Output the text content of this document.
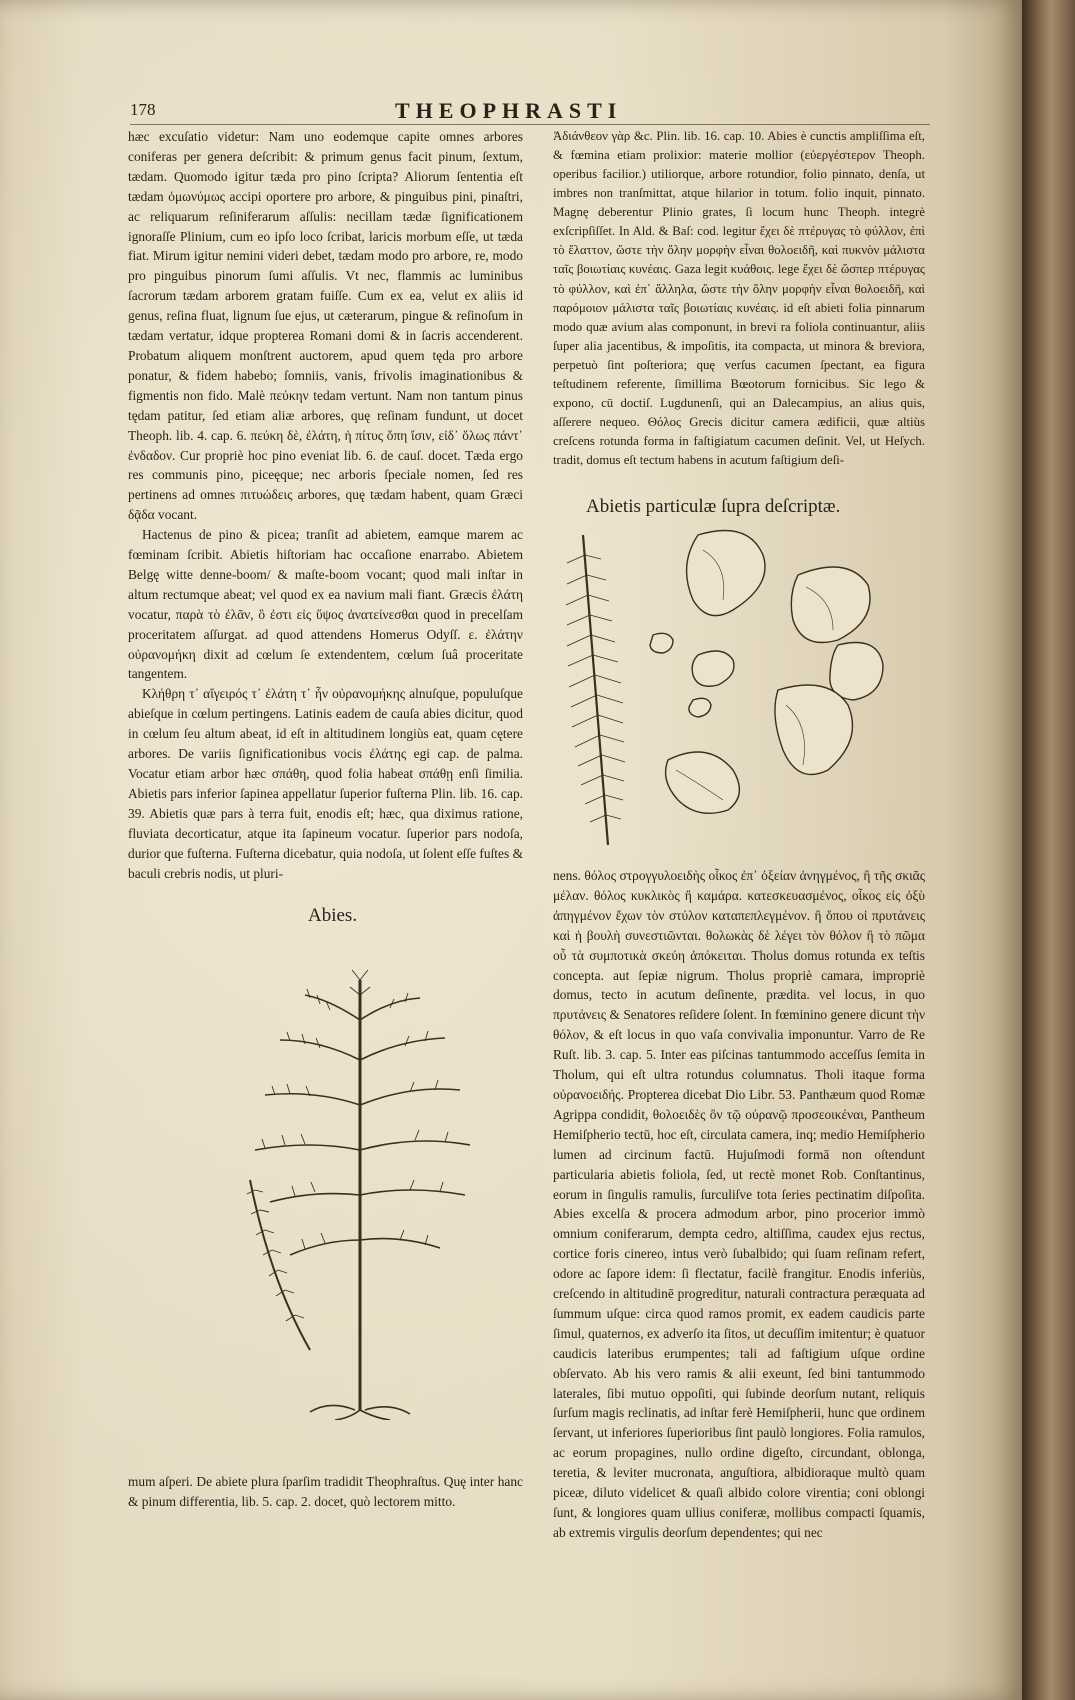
178	THEOPHRASTI

hæc excuſatio videtur: Nam uno eodemque capite omnes arbores coniferas per genera deſcribit: & primum genus facit pinum, ſextum, tædam. Quomodo igitur tæda pro pino ſcripta? Aliorum ſententia eſt tædam ὁμωνύμως accipi oportere pro arbore, & pinguibus pini, pinaſtri, ac reliquarum reſiniferarum aſſulis: necillam tædæ ſignificationem ignoraſſe Plinium, cum eo ipſo loco ſcribat, laricis morbum eſſe, ut tæda fiat. Mirum igitur nemini videri debet, tædam modo pro arbore, re, modo pro pinguibus pinorum ſumi aſſulis. Vt nec, flammis ac luminibus ſacrorum tædam arborem gratam fuiſſe. Cum ex ea, velut ex aliis id genus, reſina fluat, lignum ſue ejus, ut cæterarum, pingue & reſinoſum in tædam vertatur, idque propterea Romani domi & in ſacris accenderent. Probatum aliquem monſtrent auctorem, apud quem tęda pro arbore ponatur, & fidem habebo; ſomniis, vanis, frivolis imaginationibus & figmentis non fido. Malè πεύκην tedam vertunt. Nam non tantum pinus tędam patitur, ſed etiam aliæ arbores, quę reſinam fundunt, ut docet Theoph. lib. 4. cap. 6. πεύκη δὲ, ἐλάτη, ἡ πίτυς ὅπη ἴσιν, εἰδ᾽ ὅλως πάντ᾽ ἐνδαδον. Cur propriè hoc pino eveniat lib. 6. de cauſ. docet. Tæda ergo res communis pino, piceęque; nec arboris ſpeciale nomen, ſed res pertinens ad omnes πιτυώδεις arbores, quę tædam habent, quam Græci δᾷδα vocant.

Hactenus de pino & picea; tranſit ad abietem, eamque marem ac fœminam ſcribit. Abietis hiſtoriam hac occaſione enarrabo. Abietem Belgę witte denne-boom/ & maſte-boom vocant; quod mali inſtar in altum rectumque abeat; vel quod ex ea navium mali fiant. Græcis ἐλάτη vocatur, παρὰ τὸ ἐλᾶν, ὃ ἐστι εἰς ὕψος ἀνατείνεσθαι quod in precelſam proceritatem aſſurgat. ad quod attendens Homerus Odyſſ. ε. ἐλάτην οὐρανομήκη dixit ad cœlum ſe extendentem, cœlum ſuâ proceritate tangentem.

Κλήθρη τ᾽ αἴγειρός τ᾽ ἐλάτη τ᾽ ἦν οὐρανομήκης alnuſque, populuſque abieſque in cœlum pertingens. Latinis eadem de cauſa abies dicitur, quod in cœlum ſeu altum abeat, id eſt in altitudinem longiùs eat, quam cętere arbores. De variis ſignificationibus vocis ἐλάτης egi cap. de palma. Vocatur etiam arbor hæc σπάθη, quod folia habeat σπάθῃ enſi ſimilia. Abietis pars inferior ſapinea appellatur ſuperior fuſterna Plin. lib. 16. cap. 39. Abietis quæ pars à terra fuit, enodis eſt; hæc, qua diximus ratione, fluviata decorticatur, atque ita ſapineum vocatur. ſuperior pars nodoſa, durior que fuſterna. Fuſterna dicebatur, quia nodoſa, ut ſolent eſſe fuſtes & baculi crebris nodis, ut pluri-

Abies.

mum aſperi. De abiete plura ſparſim tradidit Theophraſtus. Quę inter hanc & pinum differentia, lib. 5. cap. 2. docet, quò lectorem mitto.

Ἀδιάνθεον γὰρ &c. Plin. lib. 16. cap. 10. Abies è cunctis ampliſſima eſt, & fœmina etiam prolixior: materie mollior (εὐεργέστερον Theoph. operibus facilior.) utiliorque, arbore rotundior, folio pinnato, denſa, ut imbres non tranſmittat, atque hilarior in totum. folio inquit, pinnato. Magnę deberentur Plinio grates, ſi locum hunc Theoph. integrè exſcripſiſſet. In Ald. & Baſ: cod. legitur ἔχει δὲ πτέρυγας τὸ φύλλον, ἐπὶ τὸ ἔλαττον, ὥστε τὴν ὅλην μορφὴν εἶναι θολοειδῆ, καὶ πυκνὸν μάλιστα ταῖς βοιωτίαις κυνέαις. Gaza legit κυάθοις. lege ἔχει δὲ ὥσπερ πτέρυγας τὸ φύλλον, καὶ ἐπ᾽ ἄλληλα, ὥστε τὴν ὅλην μορφὴν εἶναι θολοειδῆ, καὶ παρόμοιον μάλιστα ταῖς βοιωτίαις κυνέαις. id eſt abieti folia pinnarum modo quæ avium alas componunt, in brevi ra foliola continuantur, aliis ſuper alia jacentibus, & impoſitis, ita compacta, ut minora & breviora, perpetuò ſint poſteriora; quę verſus cacumen ſpectant, ea figura teſtudinem referente, ſimillima Bœotorum fornicibus. Sic lego & expono, cū doctiſ. Lugdunenſi, qui an Dalecampius, an alius quis, aſſerere nequeo. Θόλος Grecis dicitur camera ædificii, quæ altiùs creſcens rotunda forma in faſtigiatum cacumen deſinit. Vel, ut Heſych. tradit, domus eſt tectum habens in acutum faſtigium deſi-

Abietis particulæ ſupra deſcriptæ.

nens. θόλος στρογγυλοειδὴς οἶκος ἐπ᾽ ὀξείαν ἀνηγμένος, ἢ τῆς σκιᾶς μέλαν. θόλος κυκλικὸς ἢ καμάρα. κατεσκευασμένος, οἶκος εἰς ὀξὺ ἀπηγμένον ἔχων τὸν στύλον καταπεπλεγμένον. ἢ ὅπου οἱ πρυτάνεις καὶ ἡ βουλὴ συνεστιῶνται. θολωκὰς δὲ λέγει τὸν θόλον ἢ τὸ πῶμα οὗ τὰ συμποτικὰ σκεύη ἀπόκειται. Tholus domus rotunda ex teſtis concepta. aut ſepiæ nigrum. Tholus propriè camara, impropriè domus, tecto in acutum deſinente, prædita. vel locus, in quo πρυτάνεις & Senatores reſidere ſolent. In fœminino genere dicunt τὴν θόλον, & eſt locus in quo vaſa convivalia imponuntur. Varro de Re Ruſt. lib. 3. cap. 5. Inter eas piſcinas tantummodo acceſſus ſemita in Tholum, qui eſt ultra rotundus columnatus. Tholi itaque forma οὐρανοειδής. Propterea dicebat Dio Libr. 53. Panthæum quod Romæ Agrippa condidit, θολοειδὲς ὂν τῷ οὐρανῷ προσεοικέναι, Pantheum Hemiſpherio tectū, hoc eſt, circulata camera, inq; medio Hemiſpherio lumen ad circinum factū. Hujuſmodi formā non oſtendunt particularia abietis foliola, ſed, ut rectè monet Rob. Conſtantinus, eorum in ſingulis ramulis, ſurculiſve tota ſeries pectinatim diſpoſita. Abies excelſa & procera admodum arbor, pino procerior immò omnium coniferarum, dempta cedro, altiſſima, caudex ejus rectus, cortice foris cinereo, intus verò ſubalbido; qui ſuam reſinam refert, odore ac ſapore idem: ſi flectatur, facilè frangitur. Enodis inferiùs, creſcendo in altitudinē progreditur, naturali contractura peræquata ad ſummum uſque: circa quod ramos promit, ex eadem caudicis parte ſimul, quaternos, ex adverſo ita ſitos, ut decuſſim imitentur; è quatuor caudicis lateribus erumpentes; tali ad faſtigium uſque ordine obſervato. Ab his vero ramis & alii exeunt, ſed bini tantummodo laterales, ſibi mutuo oppoſiti, qui ſubinde deorſum nutant, reliquis ſurſum magis reclinatis, ad inſtar ferè Hemiſpherii, hunc que ordinem ſervant, ut inferiores ſuperioribus ſint paulò longiores. Folia ramulos, ac eorum propagines, nullo ordine digeſto, circundant, oblonga, teretia, & leviter mucronata, anguſtiora, albidioraque multò quam piceæ, diluto videlicet & quaſi albido colore virentia; coni oblongi ſunt, & longiores quam ullius coniferæ, mollibus compacti ſquamis, ab extremis virgulis deorſum dependentes; qui nec
